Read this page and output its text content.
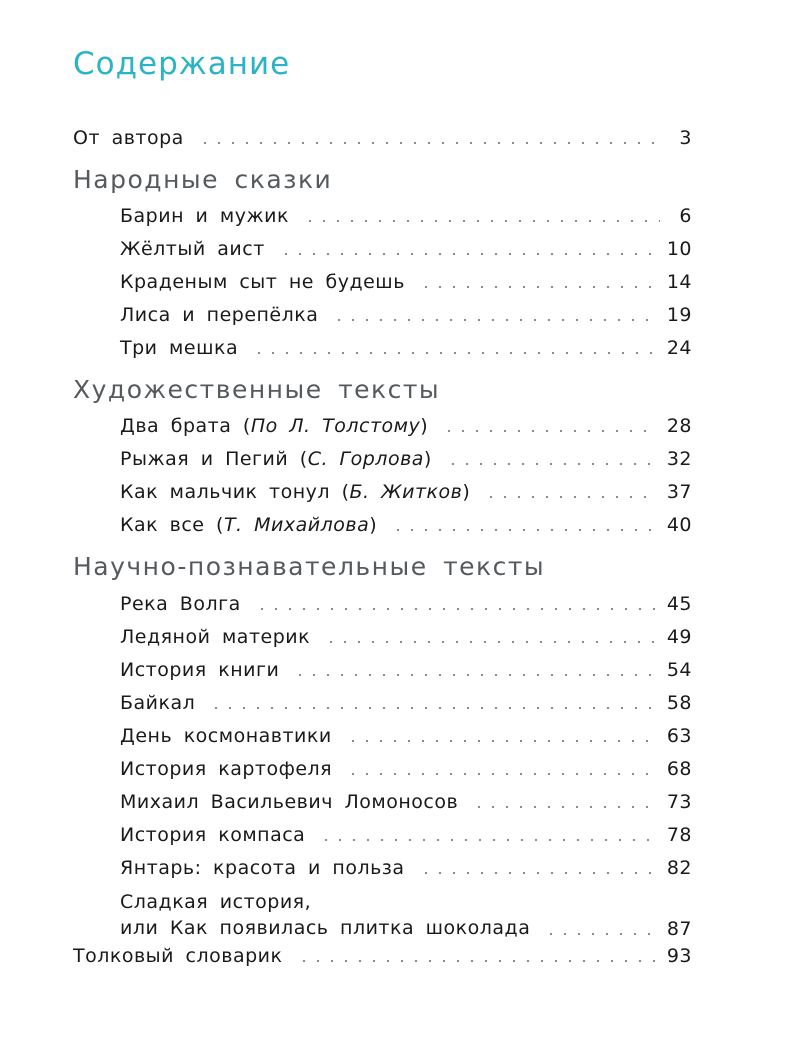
Содержание
От автора	3
Народные сказки
Барин и мужик	6
Жёлтый аист	10
Краденым сыт не будешь	14
Лиса и перепёлка	19
Три мешка	24
Художественные тексты
Два брата (По Л. Толстому)	28
Рыжая и Пегий (С. Горлова)	32
Как мальчик тонул (Б. Житков)	37
Как все (Т. Михайлова)	40
Научно-познавательные тексты
Река Волга	45
Ледяной материк	49
История книги	54
Байкал	58
День космонавтики	63
История картофеля	68
Михаил Васильевич Ломоносов	73
История компаса	78
Янтарь: красота и польза	82
Сладкая история,
или Как появилась плитка шоколада	87
Толковый словарик	93
